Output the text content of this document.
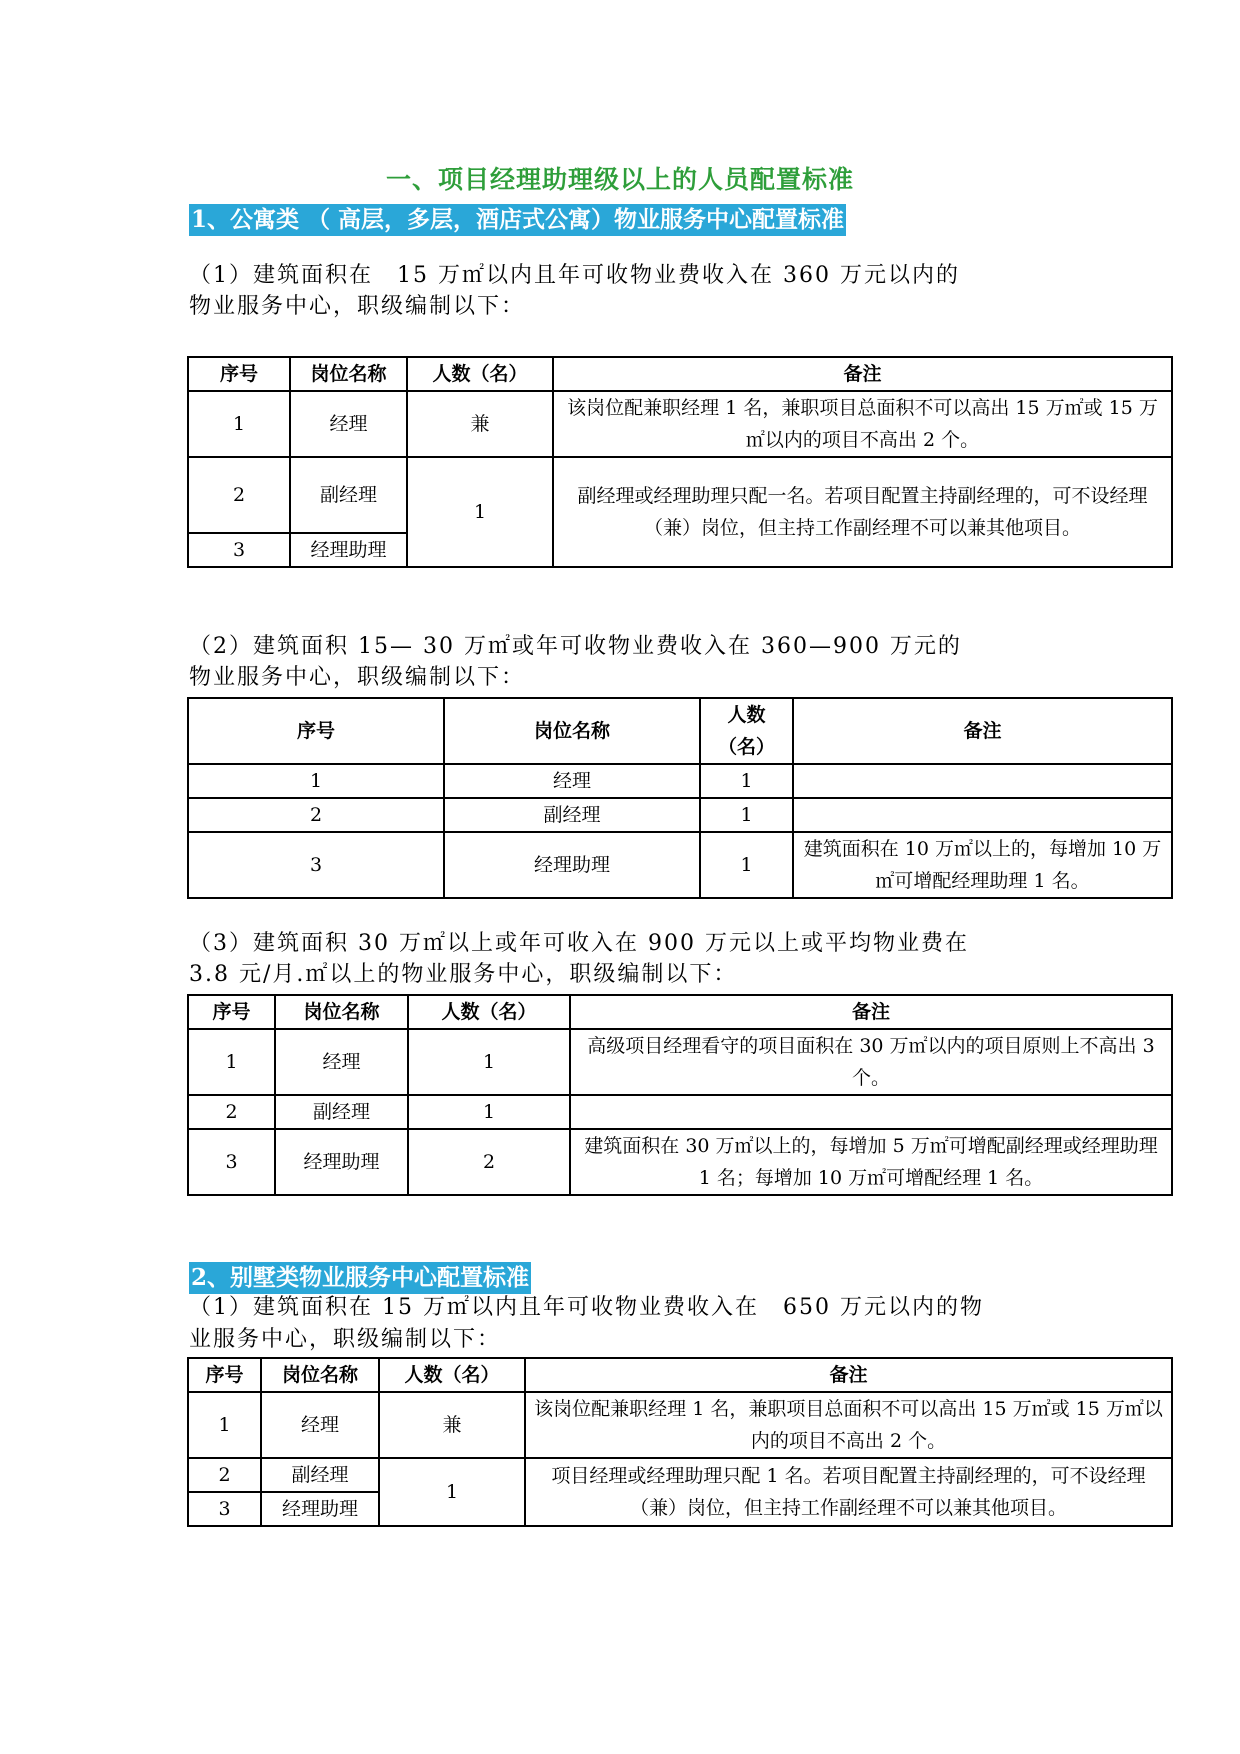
一、项目经理助理级以上的人员配置标准
1、公寓类 （ 高层，多层，酒店式公寓）物业服务中心配置标准
（1）建筑面积在　15 万㎡以内且年可收物业费收入在 360 万元以内的
物业服务中心，职级编制以下：
序号	岗位名称	人数（名）	备注
1	经理	兼	该岗位配兼职经理 1 名，兼职项目总面积不可以高出 15 万㎡或 15 万㎡以内的项目不高出 2 个。
2	副经理	1	副经理或经理助理只配一名。若项目配置主持副经理的，可不设经理（兼）岗位，但主持工作副经理不可以兼其他项目。
3	经理助理		
（2）建筑面积 15— 30 万㎡或年可收物业费收入在 360—900 万元的
物业服务中心，职级编制以下：
序号	岗位名称	人数（名）	备注
1	经理	1	
2	副经理	1	
3	经理助理	1	建筑面积在 10 万㎡以上的，每增加 10 万㎡可增配经理助理 1 名。
（3）建筑面积 30 万㎡以上或年可收入在 900 万元以上或平均物业费在
3.8 元/月.㎡以上的物业服务中心，职级编制以下：
序号	岗位名称	人数（名）	备注
1	经理	1	高级项目经理看守的项目面积在 30 万㎡以内的项目原则上不高出 3 个。
2	副经理	1	
3	经理助理	2	建筑面积在 30 万㎡以上的，每增加 5 万㎡可增配副经理或经理助理 1 名；每增加 10 万㎡可增配经理 1 名。
2、别墅类物业服务中心配置标准
（1）建筑面积在 15 万㎡以内且年可收物业费收入在　650 万元以内的物
业服务中心，职级编制以下：
序号	岗位名称	人数（名）	备注
1	经理	兼	该岗位配兼职经理 1 名，兼职项目总面积不可以高出 15 万㎡或 15 万㎡以内的项目不高出 2 个。
2	副经理	1	项目经理或经理助理只配 1 名。若项目配置主持副经理的，可不设经理（兼）岗位，但主持工作副经理不可以兼其他项目。
3	经理助理		
